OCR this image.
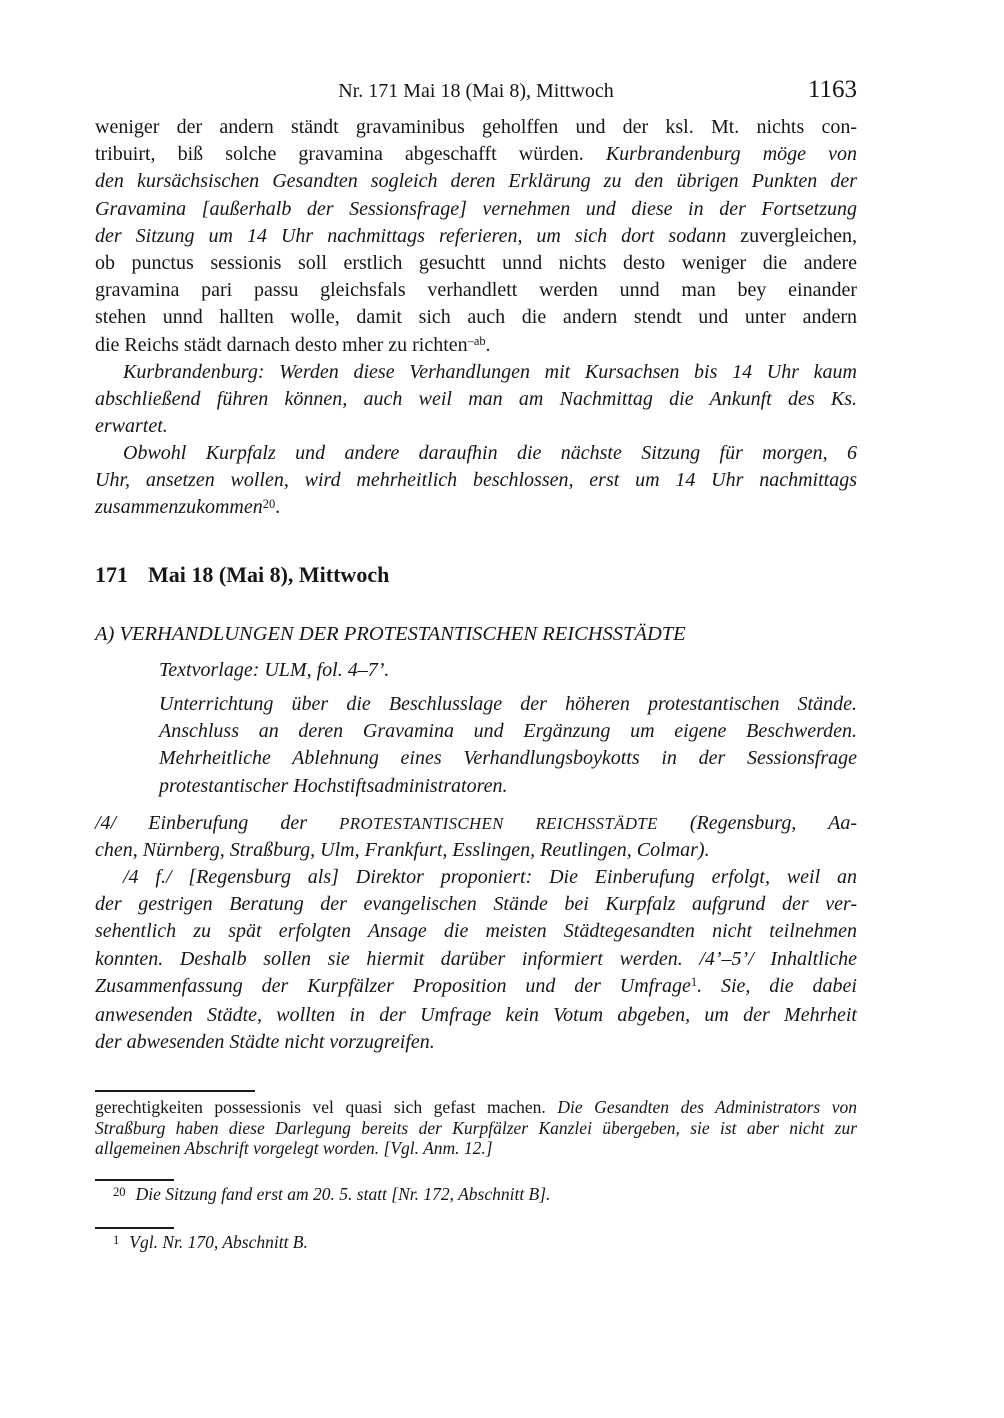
Nr. 171 Mai 18 (Mai 8), Mittwoch	1163
weniger der andern ständt gravaminibus geholffen und der ksl. Mt. nichts con-
tribuirt, biß solche gravamina abgeschafft würden. Kurbrandenburg möge von
den kursächsischen Gesandten sogleich deren Erklärung zu den übrigen Punkten der
Gravamina [außerhalb der Sessionsfrage] vernehmen und diese in der Fortsetzung
der Sitzung um 14 Uhr nachmittags referieren, um sich dort sodann zuvergleichen,
ob punctus sessionis soll erstlich gesuchtt unnd nichts desto weniger die andere
gravamina pari passu gleichsfals verhandlett werden unnd man bey einander
stehen unnd hallten wolle, damit sich auch die andern stendt und unter andern
die Reichs städt darnach desto mher zu richten$^{-ab}$.
Kurbrandenburg: Werden diese Verhandlungen mit Kursachsen bis 14 Uhr kaum
abschließend führen können, auch weil man am Nachmittag die Ankunft des Ks.
erwartet.
Obwohl Kurpfalz und andere daraufhin die nächste Sitzung für morgen, 6
Uhr, ansetzen wollen, wird mehrheitlich beschlossen, erst um 14 Uhr nachmittags
zusammenzukommen$^{20}$.
171 Mai 18 (Mai 8), Mittwoch
A) VERHANDLUNGEN DER PROTESTANTISCHEN REICHSSTÄDTE
Textvorlage: ULM, fol. 4–7’.
Unterrichtung über die Beschlusslage der höheren protestantischen Stände.
Anschluss an deren Gravamina und Ergänzung um eigene Beschwerden.
Mehrheitliche Ablehnung eines Verhandlungsboykotts in der Sessionsfrage
protestantischer Hochstiftsadministratoren.
/4/ Einberufung der PROTESTANTISCHEN REICHSSTÄDTE (Regensburg, Aa-
chen, Nürnberg, Straßburg, Ulm, Frankfurt, Esslingen, Reutlingen, Colmar).
/4 f./ [Regensburg als] Direktor proponiert: Die Einberufung erfolgt, weil an
der gestrigen Beratung der evangelischen Stände bei Kurpfalz aufgrund der ver-
sehentlich zu spät erfolgten Ansage die meisten Städtegesandten nicht teilnehmen
konnten. Deshalb sollen sie hiermit darüber informiert werden. /4’–5’/ Inhaltliche
Zusammenfassung der Kurpfälzer Proposition und der Umfrage$^1$. Sie, die dabei
anwesenden Städte, wollten in der Umfrage kein Votum abgeben, um der Mehrheit
der abwesenden Städte nicht vorzugreifen.
gerechtigkeiten possessionis vel quasi sich gefast machen. Die Gesandten des Administrators von
Straßburg haben diese Darlegung bereits der Kurpfälzer Kanzlei übergeben, sie ist aber nicht zur
allgemeinen Abschrift vorgelegt worden. [Vgl. Anm. 12.]
$^{20}$ Die Sitzung fand erst am 20. 5. statt [Nr. 172, Abschnitt B].
$^1$ Vgl. Nr. 170, Abschnitt B.
